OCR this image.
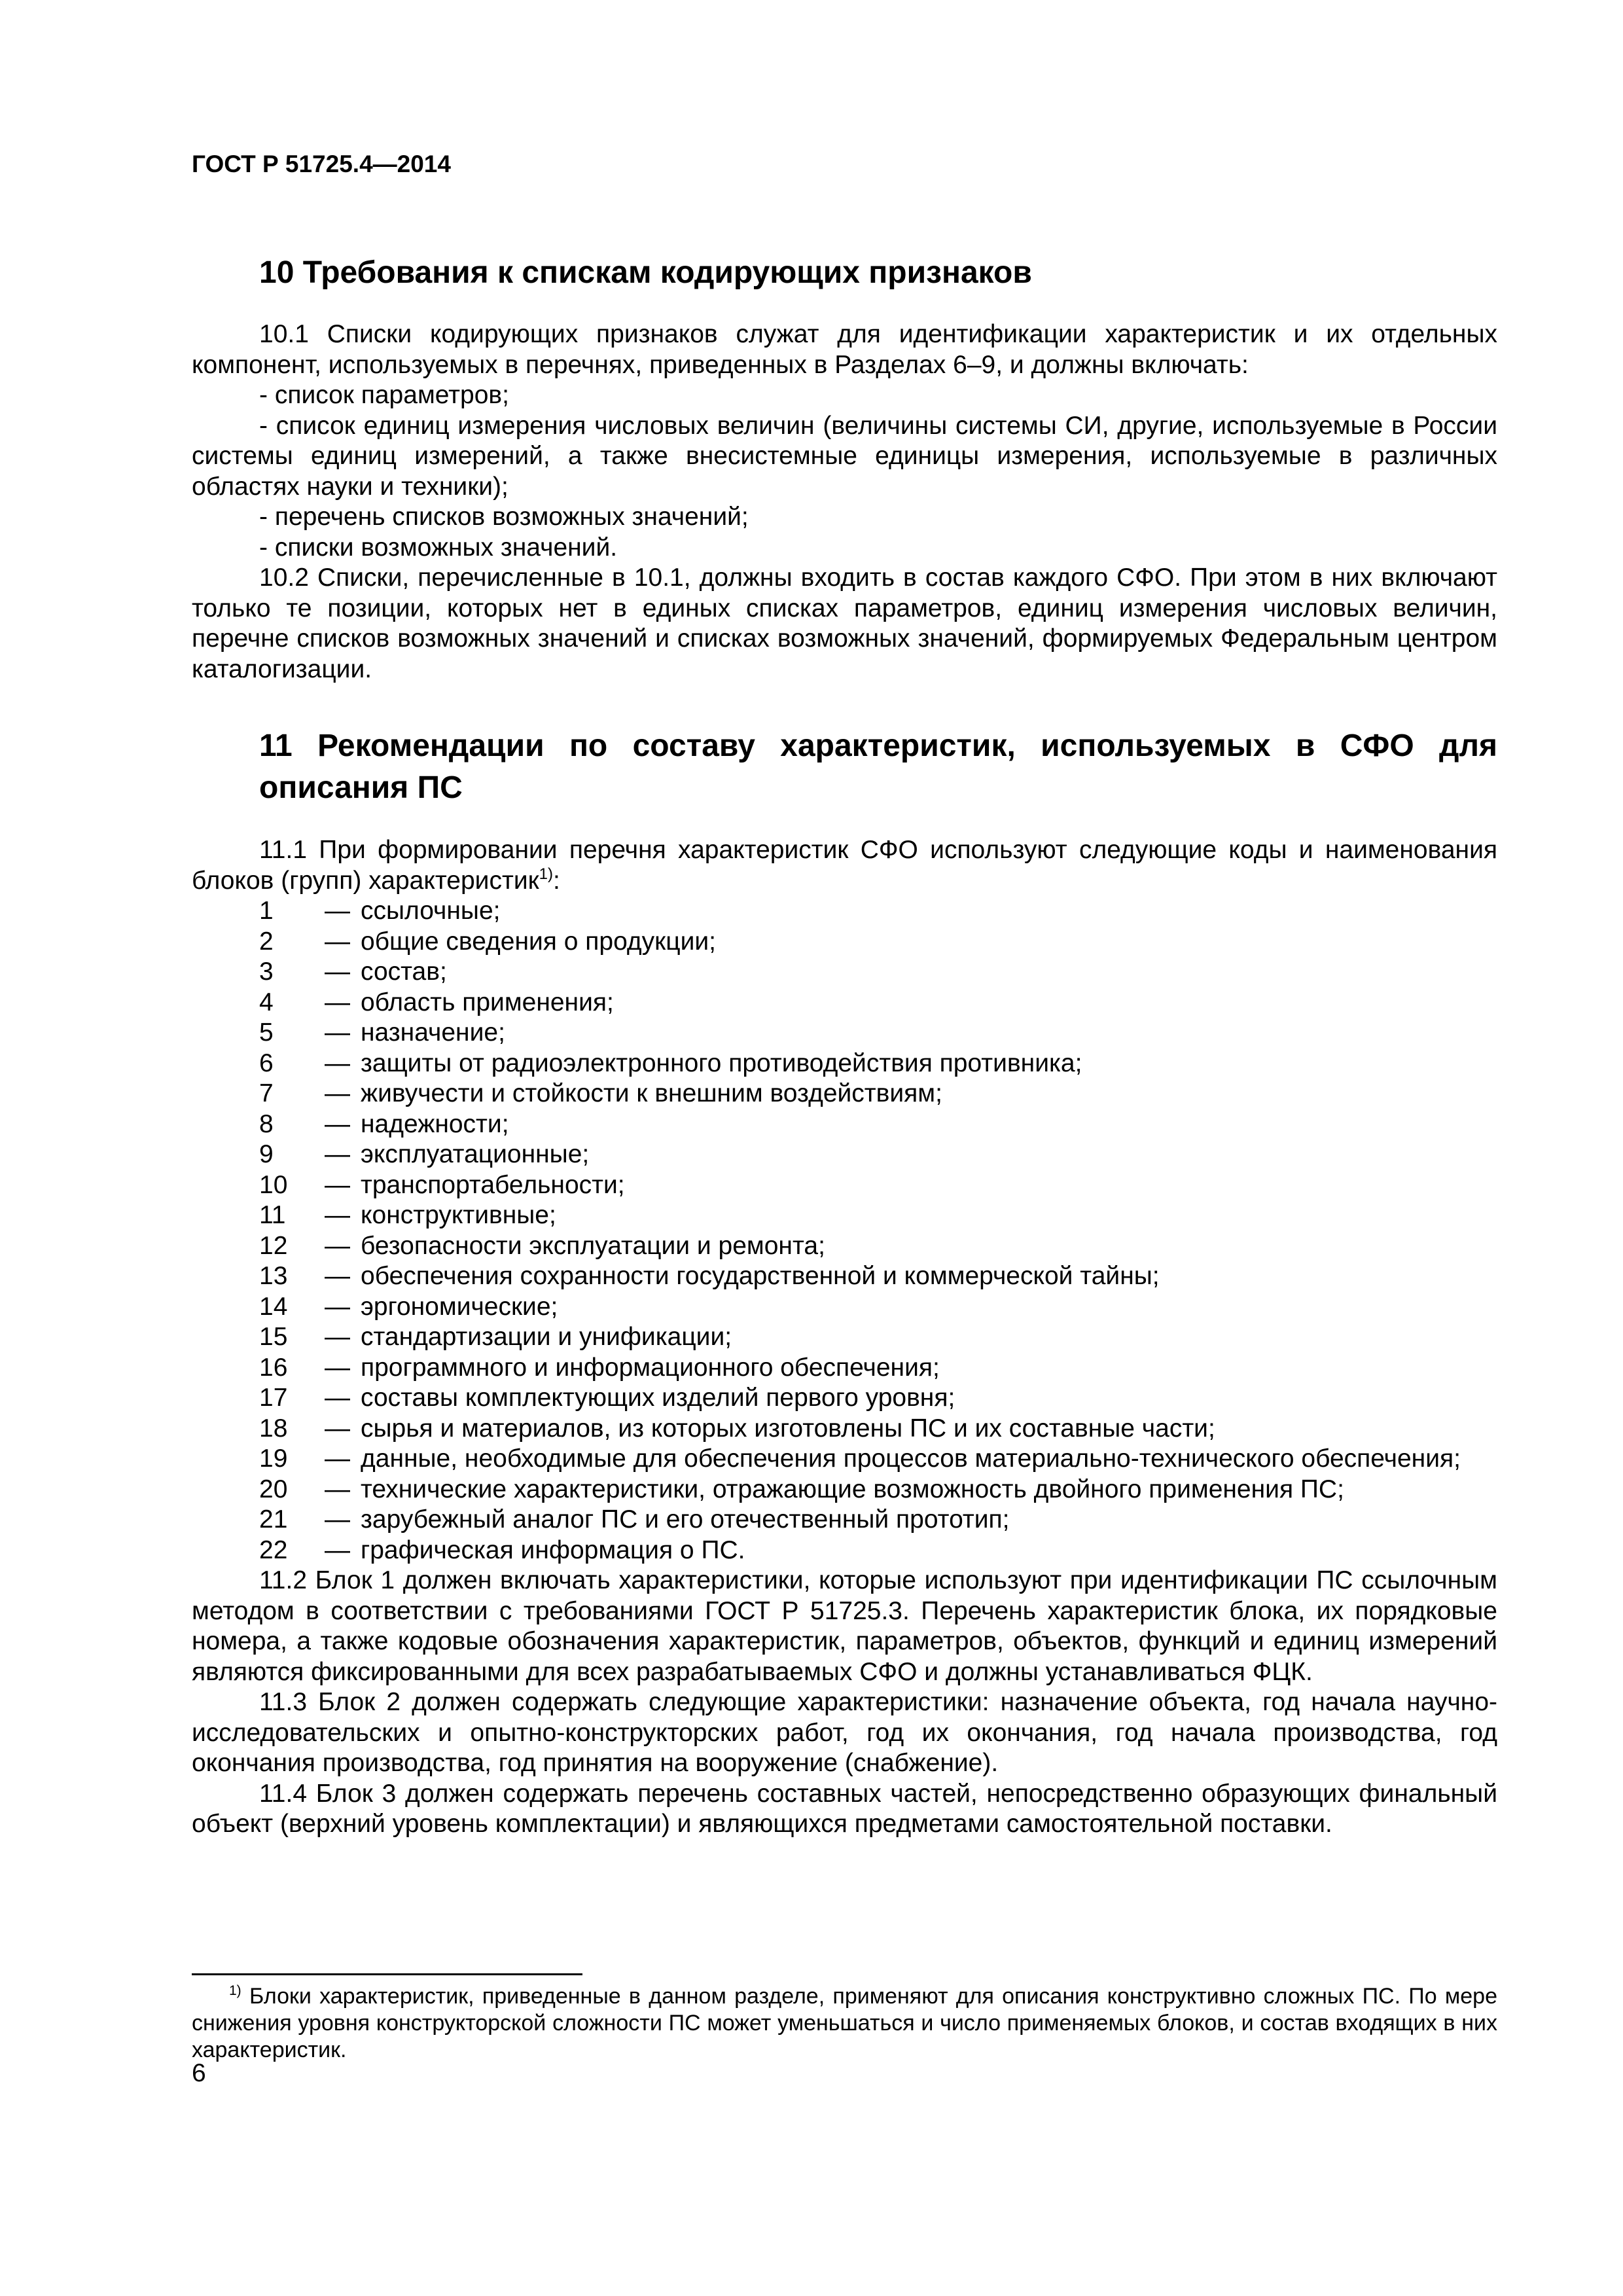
ГОСТ Р 51725.4—2014
10 Требования к спискам кодирующих признаков

10.1 Списки кодирующих признаков служат для идентификации характеристик и их отдельных компонент, используемых в перечнях, приведенных в Разделах 6–9, и должны включать:

- список параметров;

- список единиц измерения числовых величин (величины системы СИ, другие, используемые в России системы единиц измерений, а также внесистемные единицы измерения, используемые в различных областях науки и техники);

- перечень списков возможных значений;

- списки возможных значений.

10.2 Списки, перечисленные в 10.1, должны входить в состав каждого СФО. При этом в них включают только те позиции, которых нет в единых списках параметров, единиц измерения числовых величин, перечне списков возможных значений и списках возможных значений, формируемых Федеральным центром каталогизации.

11 Рекомендации по составу характеристик, используемых в СФО для описания ПС

11.1 При формировании перечня характеристик СФО используют следующие коды и наименования блоков (групп) характеристик$^{1)}$:

1	— ссылочные;
2	— общие сведения о продукции;
3	— состав;
4	— область применения;
5	— назначение;
6	— защиты от радиоэлектронного противодействия противника;
7	— живучести и стойкости к внешним воздействиям;
8	— надежности;
9	— эксплуатационные;
10	— транспортабельности;
11	— конструктивные;
12	— безопасности эксплуатации и ремонта;
13	— обеспечения сохранности государственной и коммерческой тайны;
14	— эргономические;
15	— стандартизации и унификации;
16	— программного и информационного обеспечения;
17	— составы комплектующих изделий первого уровня;
18	— сырья и материалов, из которых изготовлены ПС и их составные части;
19	— данные, необходимые для обеспечения процессов материально-технического обеспечения;
20	— технические характеристики, отражающие возможность двойного применения ПС;
21	— зарубежный аналог ПС и его отечественный прототип;
22	— графическая информация о ПС.

11.2 Блок 1 должен включать характеристики, которые используют при идентификации ПС ссылочным методом в соответствии с требованиями ГОСТ Р 51725.3. Перечень характеристик блока, их порядковые номера, а также кодовые обозначения характеристик, параметров, объектов, функций и единиц измерений являются фиксированными для всех разрабатываемых СФО и должны устанавливаться ФЦК.

11.3 Блок 2 должен содержать следующие характеристики: назначение объекта, год начала научно-исследовательских и опытно-конструкторских работ, год их окончания, год начала производства, год окончания производства, год принятия на вооружение (снабжение).

11.4 Блок 3 должен содержать перечень составных частей, непосредственно образующих финальный объект (верхний уровень комплектации) и являющихся предметами самостоятельной поставки.

$^{1)}$ Блоки характеристик, приведенные в данном разделе, применяют для описания конструктивно сложных ПС. По мере снижения уровня конструкторской сложности ПС может уменьшаться и число применяемых блоков, и состав входящих в них характеристик.
6
